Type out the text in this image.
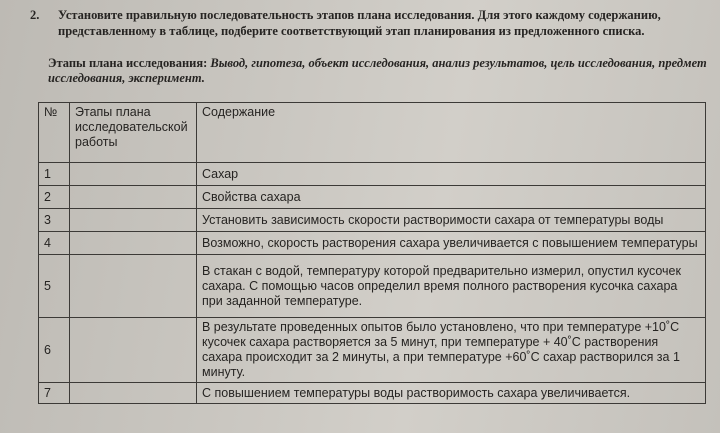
2. Установите правильную последовательность этапов плана исследования. Для этого каждому содержанию, представленному в таблице, подберите соответствующий этап планирования из предложенного списка.
Этапы плана исследования: Вывод, гипотеза, объект исследования, анализ результатов, цель исследования, предмет исследования, эксперимент.
№	Этапы плана исследовательской работы	Содержание
1		Сахар
2		Свойства сахара
3		Установить зависимость скорости растворимости сахара от температуры воды
4		Возможно, скорость растворения сахара увеличивается с повышением температуры
5		В стакан с водой, температуру которой предварительно измерил, опустил кусочек сахара. С помощью часов определил время полного растворения кусочка сахара при заданной температуре.
6		В результате проведенных опытов было установлено, что при температуре +10˚С кусочек сахара растворяется за 5 минут, при температуре + 40˚С растворения сахара происходит за 2 минуты, а при температуре +60˚С сахар растворился за 1 минуту.
7		С повышением температуры воды растворимость сахара увеличивается.
